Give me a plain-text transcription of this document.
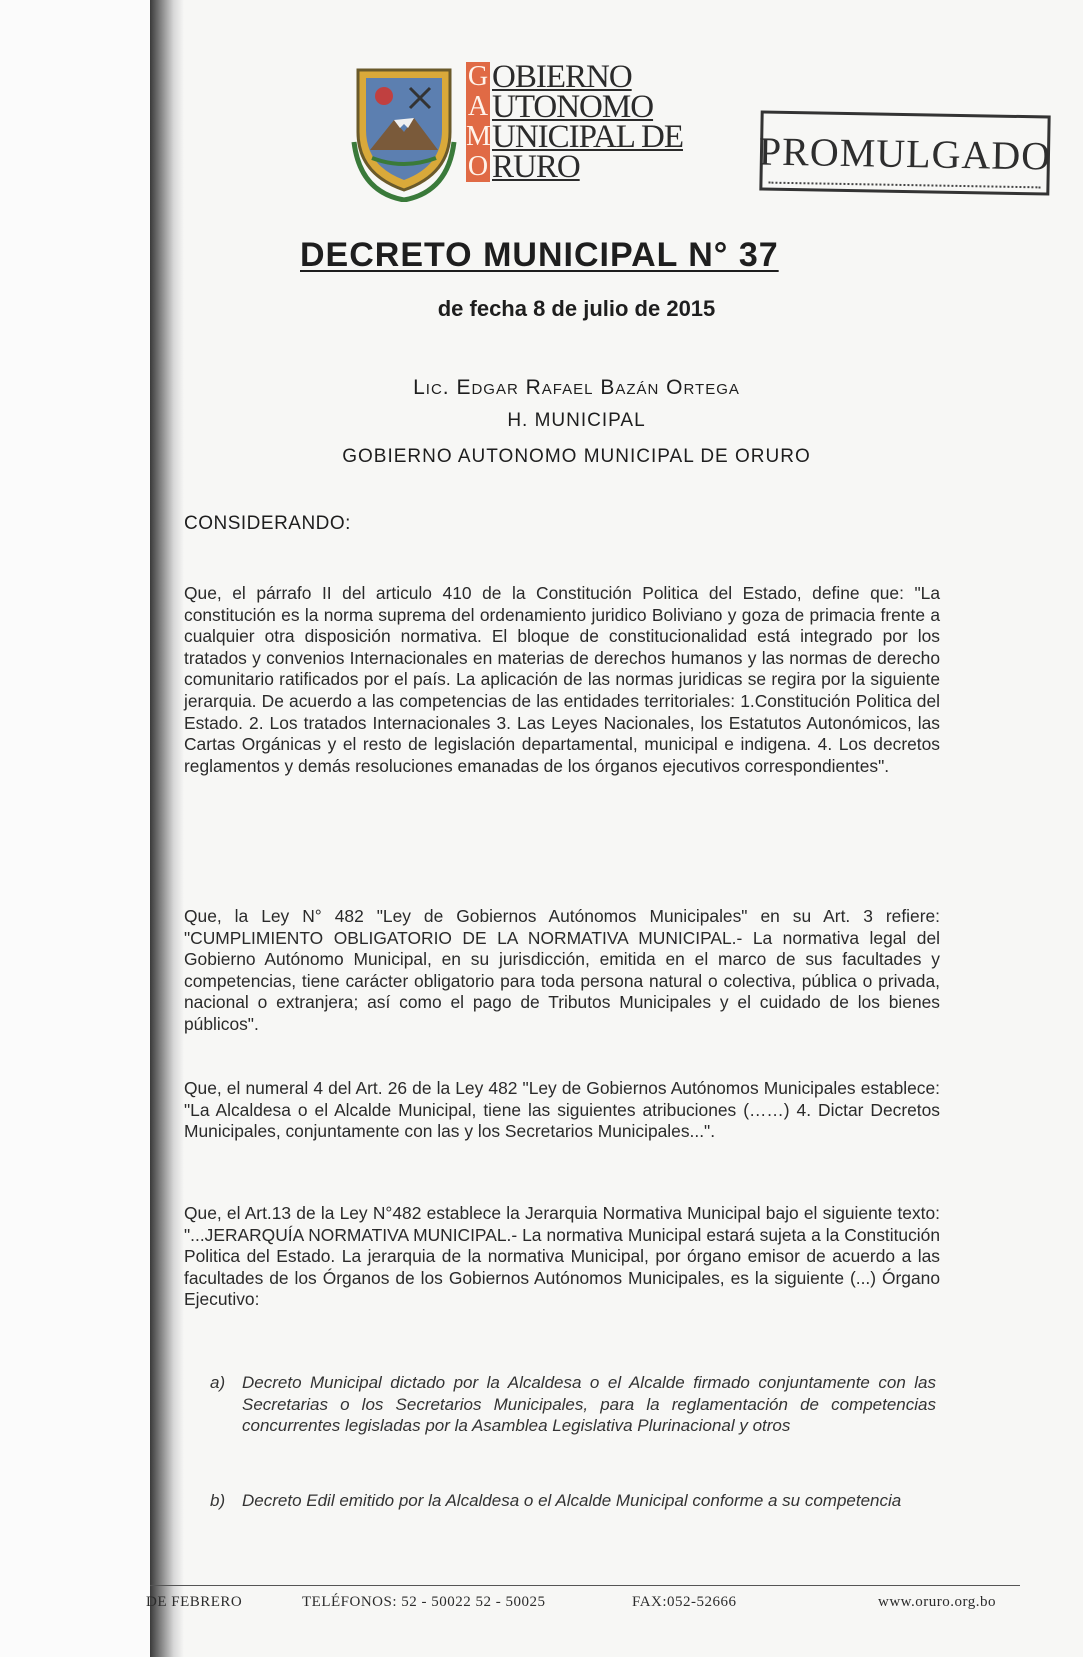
G OBIERNO
A UTONOMO
M UNICIPAL DE
O RURO	PROMULGADO
DECRETO MUNICIPAL N° 37
de fecha 8 de julio de 2015
Lic. Edgar Rafael Bazán Ortega
H. MUNICIPAL
GOBIERNO AUTONOMO MUNICIPAL DE ORURO
CONSIDERANDO:
Que, el párrafo II del articulo 410 de la Constitución Politica del Estado, define que: "La constitución es la norma suprema del ordenamiento juridico Boliviano y goza de primacia frente a cualquier otra disposición normativa. El bloque de constitucionalidad está integrado por los tratados y convenios Internacionales en materias de derechos humanos y las normas de derecho comunitario ratificados por el país. La aplicación de las normas juridicas se regira por la siguiente jerarquia. De acuerdo a las competencias de las entidades territoriales: 1.Constitución Politica del Estado. 2. Los tratados Internacionales 3. Las Leyes Nacionales, los Estatutos Autonómicos, las Cartas Orgánicas y el resto de legislación departamental, municipal e indigena. 4. Los decretos reglamentos y demás resoluciones emanadas de los órganos ejecutivos correspondientes".
Que, la Ley N° 482 "Ley de Gobiernos Autónomos Municipales" en su Art. 3 refiere: "CUMPLIMIENTO OBLIGATORIO DE LA NORMATIVA MUNICIPAL.- La normativa legal del Gobierno Autónomo Municipal, en su jurisdicción, emitida en el marco de sus facultades y competencias, tiene carácter obligatorio para toda persona natural o colectiva, pública o privada, nacional o extranjera; así como el pago de Tributos Municipales y el cuidado de los bienes públicos".
Que, el numeral 4 del Art. 26 de la Ley 482 "Ley de Gobiernos Autónomos Municipales establece: "La Alcaldesa o el Alcalde Municipal, tiene las siguientes atribuciones (……) 4. Dictar Decretos Municipales, conjuntamente con las y los Secretarios Municipales...".
Que, el Art.13 de la Ley N°482 establece la Jerarquia Normativa Municipal bajo el siguiente texto: "...JERARQUÍA NORMATIVA MUNICIPAL.- La normativa Municipal estará sujeta a la Constitución Politica del Estado. La jerarquia de la normativa Municipal, por órgano emisor de acuerdo a las facultades de los Órganos de los Gobiernos Autónomos Municipales, es la siguiente (...) Órgano Ejecutivo:
a) Decreto Municipal dictado por la Alcaldesa o el Alcalde firmado conjuntamente con las Secretarias o los Secretarios Municipales, para la reglamentación de competencias concurrentes legisladas por la Asamblea Legislativa Plurinacional y otros
b) Decreto Edil emitido por la Alcaldesa o el Alcalde Municipal conforme a su competencia
DE FEBRERO	TELÉFONOS: 52 - 50022 52 - 50025	FAX:052-52666	www.oruro.org.bo
